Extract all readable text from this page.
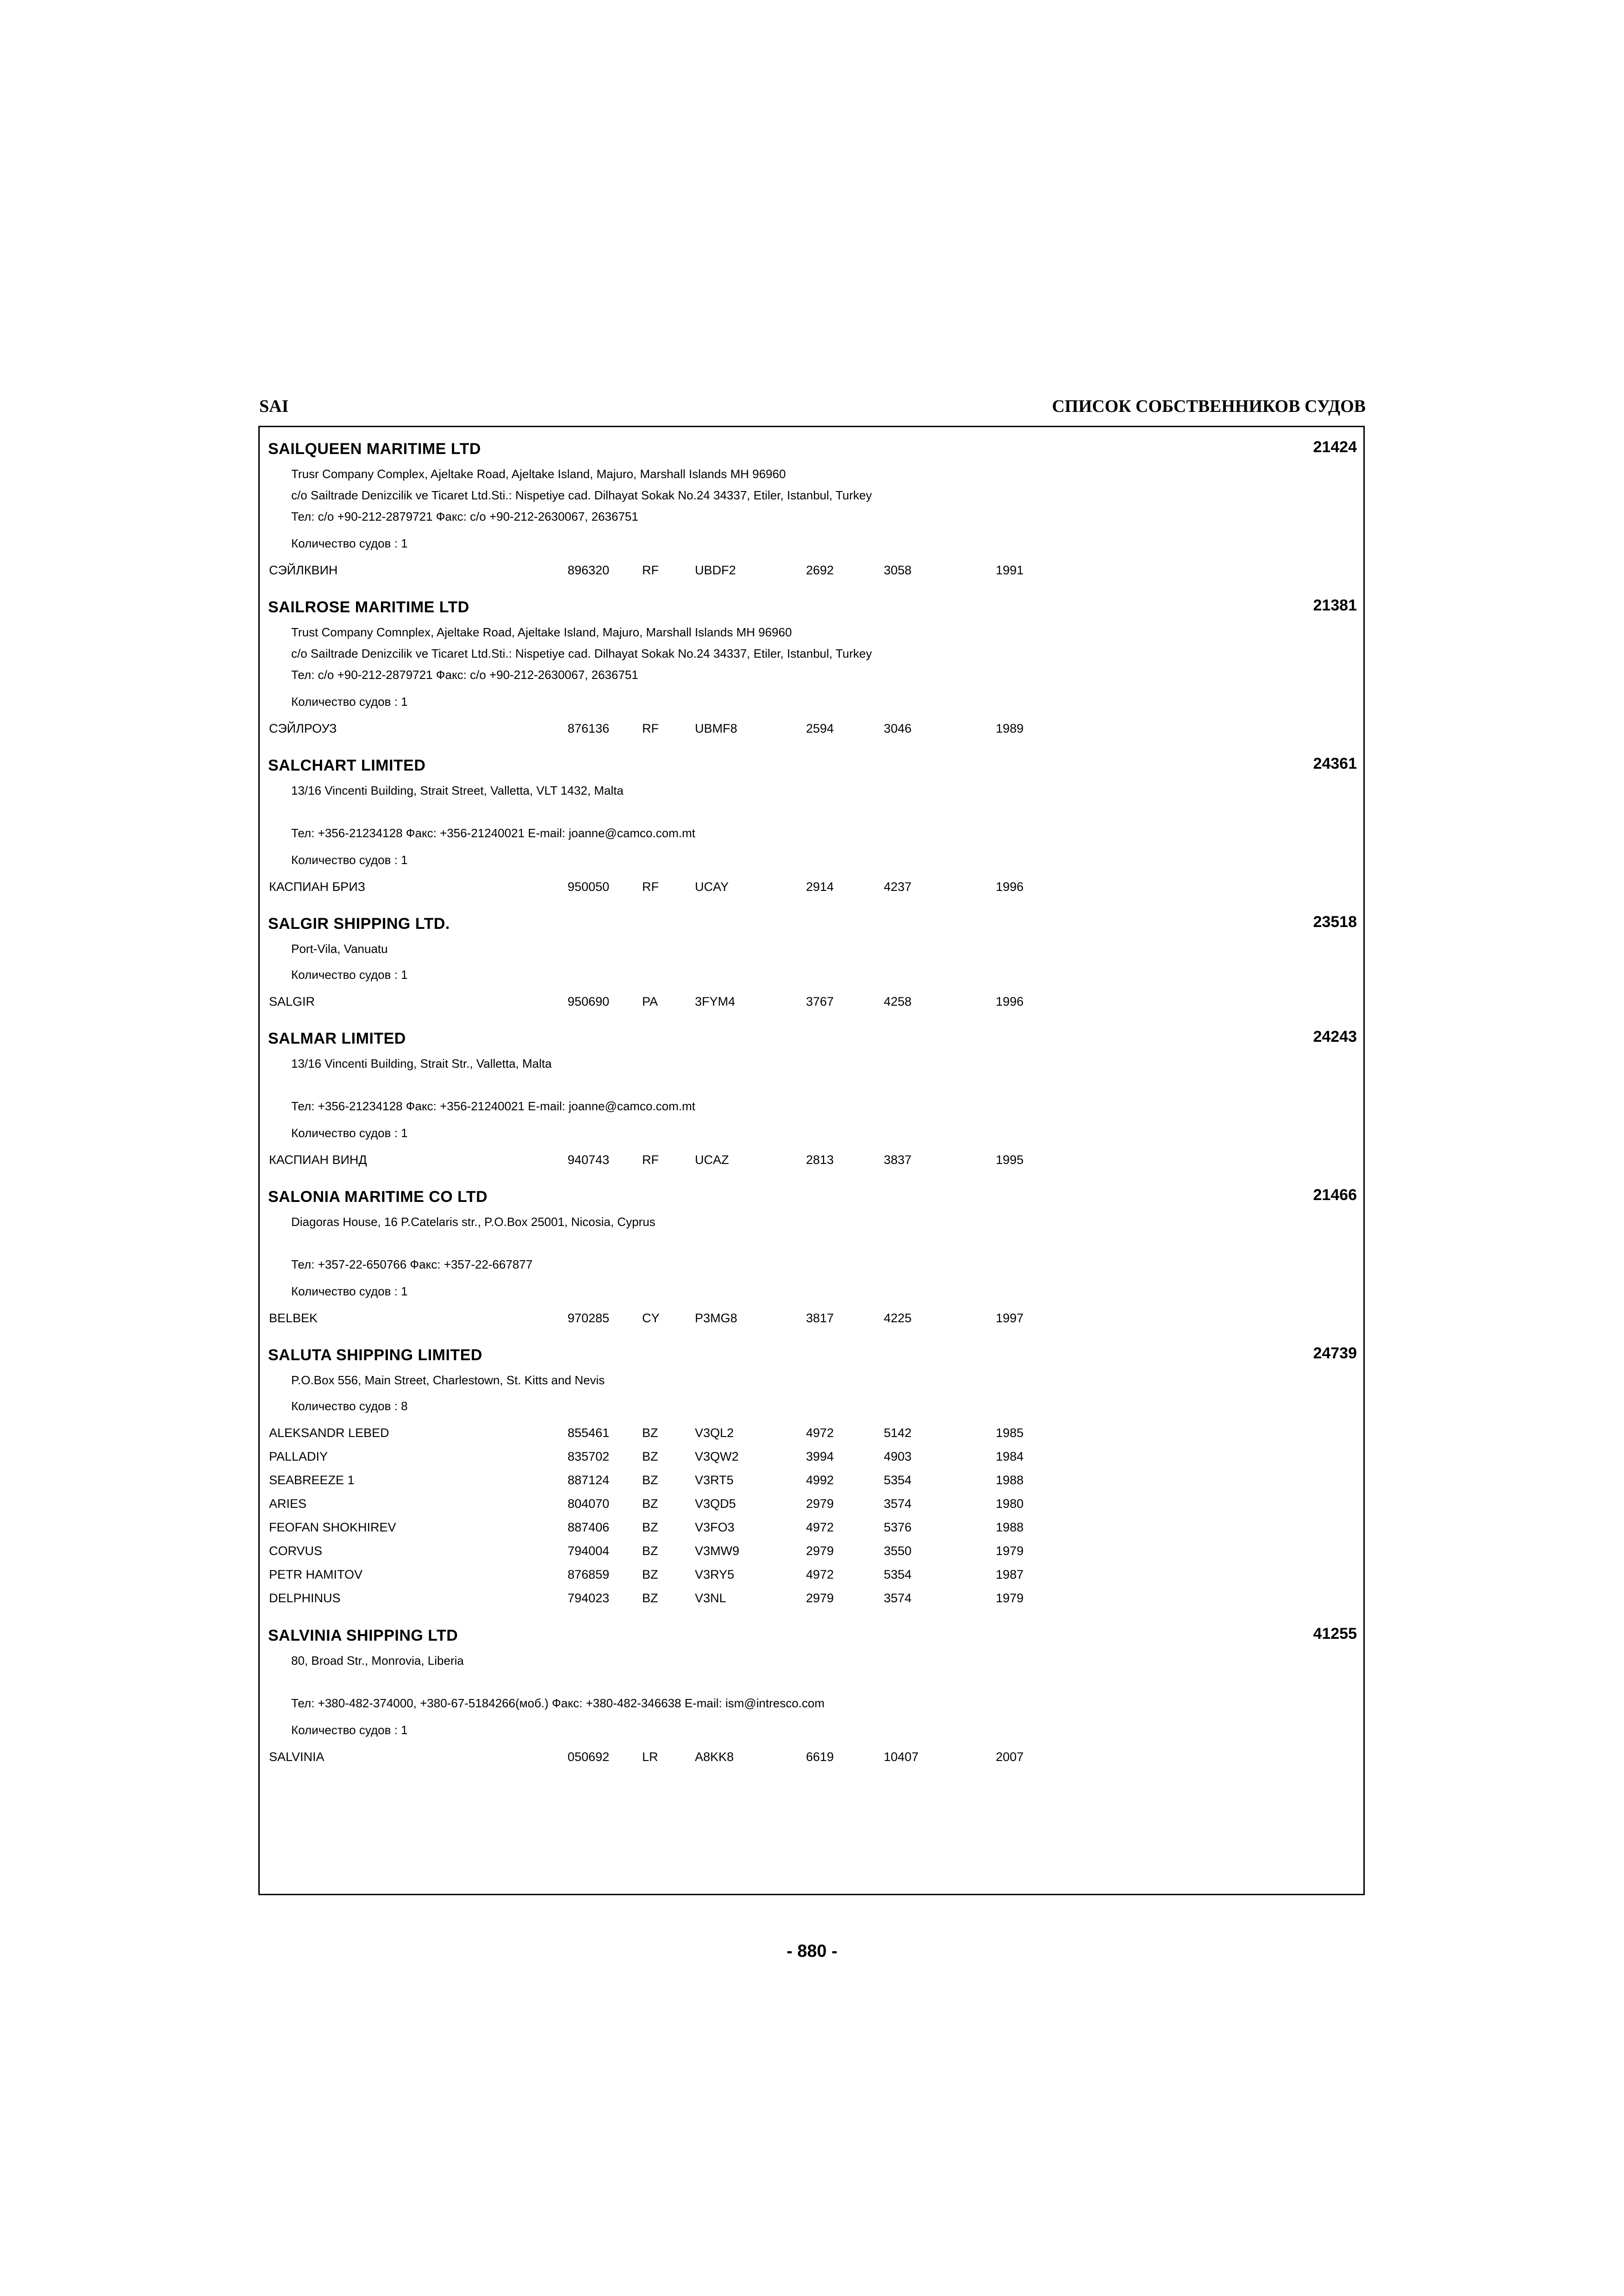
SAI	СПИСОК СОБСТВЕННИКОВ СУДОВ
SAILQUEEN MARITIME LTD	21424
Trusr Company Complex, Ajeltake Road, Ajeltake Island, Majuro, Marshall Islands MH 96960
c/o Sailtrade Denizcilik ve Ticaret Ltd.Sti.: Nispetiye cad. Dilhayat Sokak No.24 34337, Etiler, Istanbul, Turkey
Тел: c/o +90-212-2879721 Факс: c/o +90-212-2630067, 2636751
Количество судов : 1
СЭЙЛКВИН	896320	RF	UBDF2	2692	3058	1991
SAILROSE MARITIME LTD	21381
Trust Company Comnplex, Ajeltake Road, Ajeltake Island, Majuro, Marshall Islands MH 96960
c/o Sailtrade Denizcilik ve Ticaret Ltd.Sti.: Nispetiye cad. Dilhayat Sokak No.24 34337, Etiler, Istanbul, Turkey
Тел: c/o +90-212-2879721 Факс: c/o +90-212-2630067, 2636751
Количество судов : 1
СЭЙЛРОУЗ	876136	RF	UBMF8	2594	3046	1989
SALCHART LIMITED	24361
13/16 Vincenti Building, Strait Street, Valletta, VLT 1432, Malta
Тел: +356-21234128 Факс: +356-21240021 E-mail: joanne@camco.com.mt
Количество судов : 1
КАСПИАН БРИЗ	950050	RF	UCAY	2914	4237	1996
SALGIR SHIPPING LTD.	23518
Port-Vila, Vanuatu
Количество судов : 1
SALGIR	950690	PA	3FYM4	3767	4258	1996
SALMAR LIMITED	24243
13/16 Vincenti Building, Strait Str., Valletta, Malta
Тел: +356-21234128 Факс: +356-21240021 E-mail: joanne@camco.com.mt
Количество судов : 1
КАСПИАН ВИНД	940743	RF	UCAZ	2813	3837	1995
SALONIA MARITIME CO LTD	21466
Diagoras House, 16 P.Catelaris str., P.O.Box 25001, Nicosia, Cyprus
Тел: +357-22-650766 Факс: +357-22-667877
Количество судов : 1
BELBEK	970285	CY	P3MG8	3817	4225	1997
SALUTA SHIPPING LIMITED	24739
P.O.Box 556, Main Street, Charlestown, St. Kitts and Nevis
Количество судов : 8
ALEKSANDR LEBED	855461	BZ	V3QL2	4972	5142	1985
PALLADIY	835702	BZ	V3QW2	3994	4903	1984
SEABREEZE 1	887124	BZ	V3RT5	4992	5354	1988
ARIES	804070	BZ	V3QD5	2979	3574	1980
FEOFAN SHOKHIREV	887406	BZ	V3FO3	4972	5376	1988
CORVUS	794004	BZ	V3MW9	2979	3550	1979
PETR HAMITOV	876859	BZ	V3RY5	4972	5354	1987
DELPHINUS	794023	BZ	V3NL	2979	3574	1979
SALVINIA SHIPPING LTD	41255
80, Broad Str., Monrovia, Liberia
Тел: +380-482-374000, +380-67-5184266(моб.) Факс: +380-482-346638 E-mail: ism@intresco.com
Количество судов : 1
SALVINIA	050692	LR	A8KK8	6619	10407	2007
- 880 -
